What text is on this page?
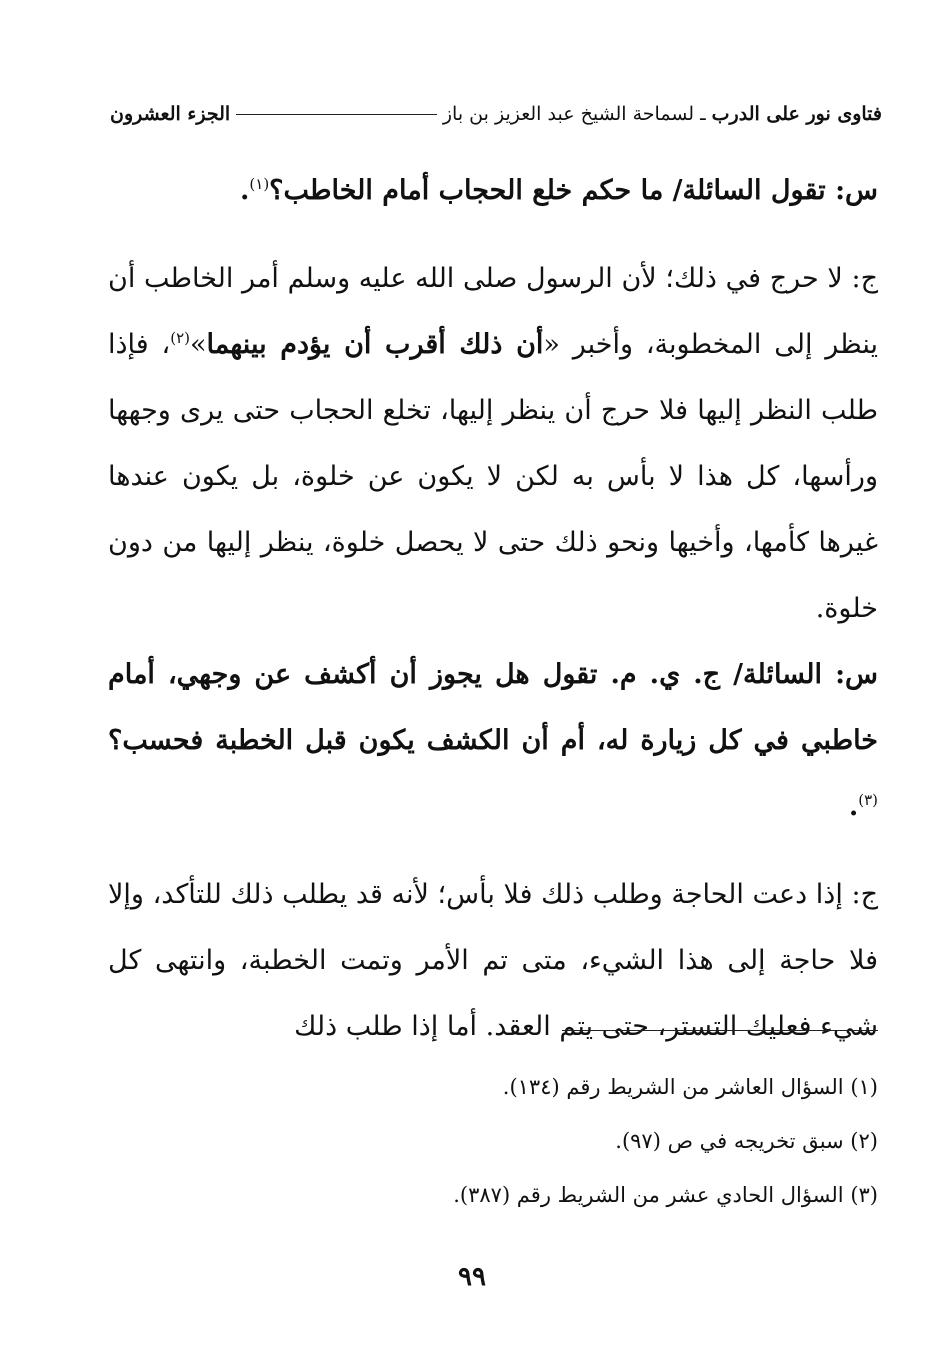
فتاوى نور على الدرب
ـ
لسماحة الشيخ عبد العزيز بن باز
الجزء العشرون

س: تقول السائلة/ ما حكم خلع الحجاب أمام الخاطب؟$^{(١)}$.

ج: لا حرج في ذلك؛ لأن الرسول صلى الله عليه وسلم أمر الخاطب أن ينظر إلى المخطوبة، وأخبر «أن ذلك أقرب أن يؤدم بينهما»$^{(٢)}$، فإذا طلب النظر إليها فلا حرج أن ينظر إليها، تخلع الحجاب حتى يرى وجهها ورأسها، كل هذا لا بأس به لكن لا يكون عن خلوة، بل يكون عندها غيرها كأمها، وأخيها ونحو ذلك حتى لا يحصل خلوة، ينظر إليها من دون خلوة.

س: السائلة/ ج. ي. م. تقول هل يجوز أن أكشف عن وجهي، أمام خاطبي في كل زيارة له، أم أن الكشف يكون قبل الخطبة فحسب؟$^{(٣)}$.

ج: إذا دعت الحاجة وطلب ذلك فلا بأس؛ لأنه قد يطلب ذلك للتأكد، وإلا فلا حاجة إلى هذا الشيء، متى تم الأمر وتمت الخطبة، وانتهى كل شيء فعليك التستر، حتى يتم العقد. أما إذا طلب ذلك

(١) السؤال العاشر من الشريط رقم (١٣٤).

(٢) سبق تخريجه في ص (٩٧).

(٣) السؤال الحادي عشر من الشريط رقم (٣٨٧).

٩٩
